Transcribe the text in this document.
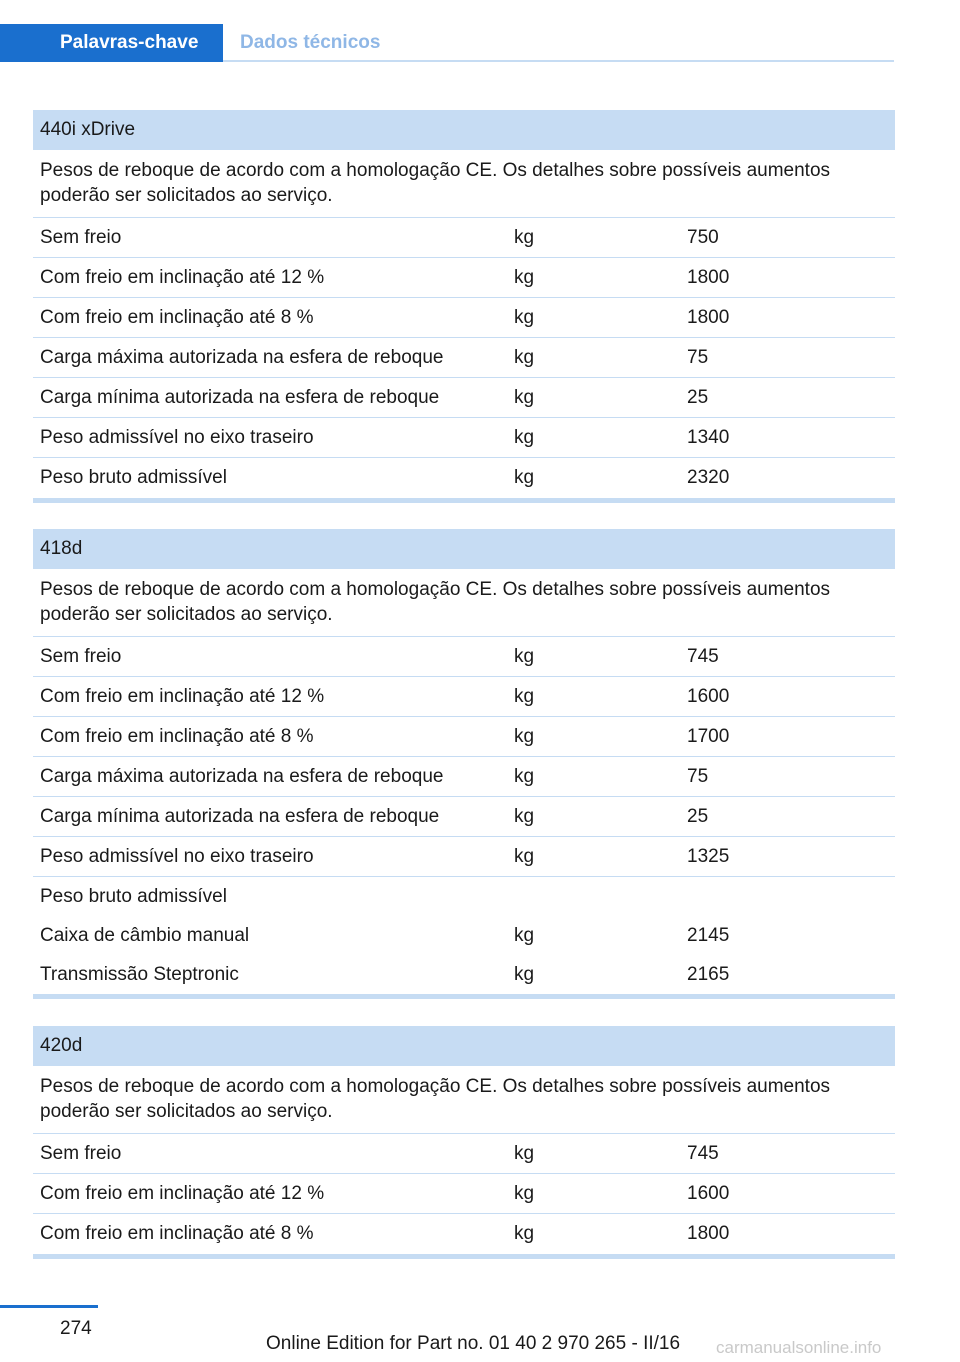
Palavras-chave	Dados técnicos
440i xDrive
Pesos de reboque de acordo com a homologação CE. Os detalhes sobre possíveis aumentos poderão ser solicitados ao serviço.
Sem freio	kg	750
Com freio em inclinação até 12 %	kg	1800
Com freio em inclinação até 8 %	kg	1800
Carga máxima autorizada na esfera de reboque	kg	75
Carga mínima autorizada na esfera de reboque	kg	25
Peso admissível no eixo traseiro	kg	1340
Peso bruto admissível	kg	2320
418d
Pesos de reboque de acordo com a homologação CE. Os detalhes sobre possíveis aumentos poderão ser solicitados ao serviço.
Sem freio	kg	745
Com freio em inclinação até 12 %	kg	1600
Com freio em inclinação até 8 %	kg	1700
Carga máxima autorizada na esfera de reboque	kg	75
Carga mínima autorizada na esfera de reboque	kg	25
Peso admissível no eixo traseiro	kg	1325
Peso bruto admissível
Caixa de câmbio manual	kg	2145
Transmissão Steptronic	kg	2165
420d
Pesos de reboque de acordo com a homologação CE. Os detalhes sobre possíveis aumentos poderão ser solicitados ao serviço.
Sem freio	kg	745
Com freio em inclinação até 12 %	kg	1600
Com freio em inclinação até 8 %	kg	1800
274
Online Edition for Part no. 01 40 2 970 265 - II/16 carmanualsonline.info
